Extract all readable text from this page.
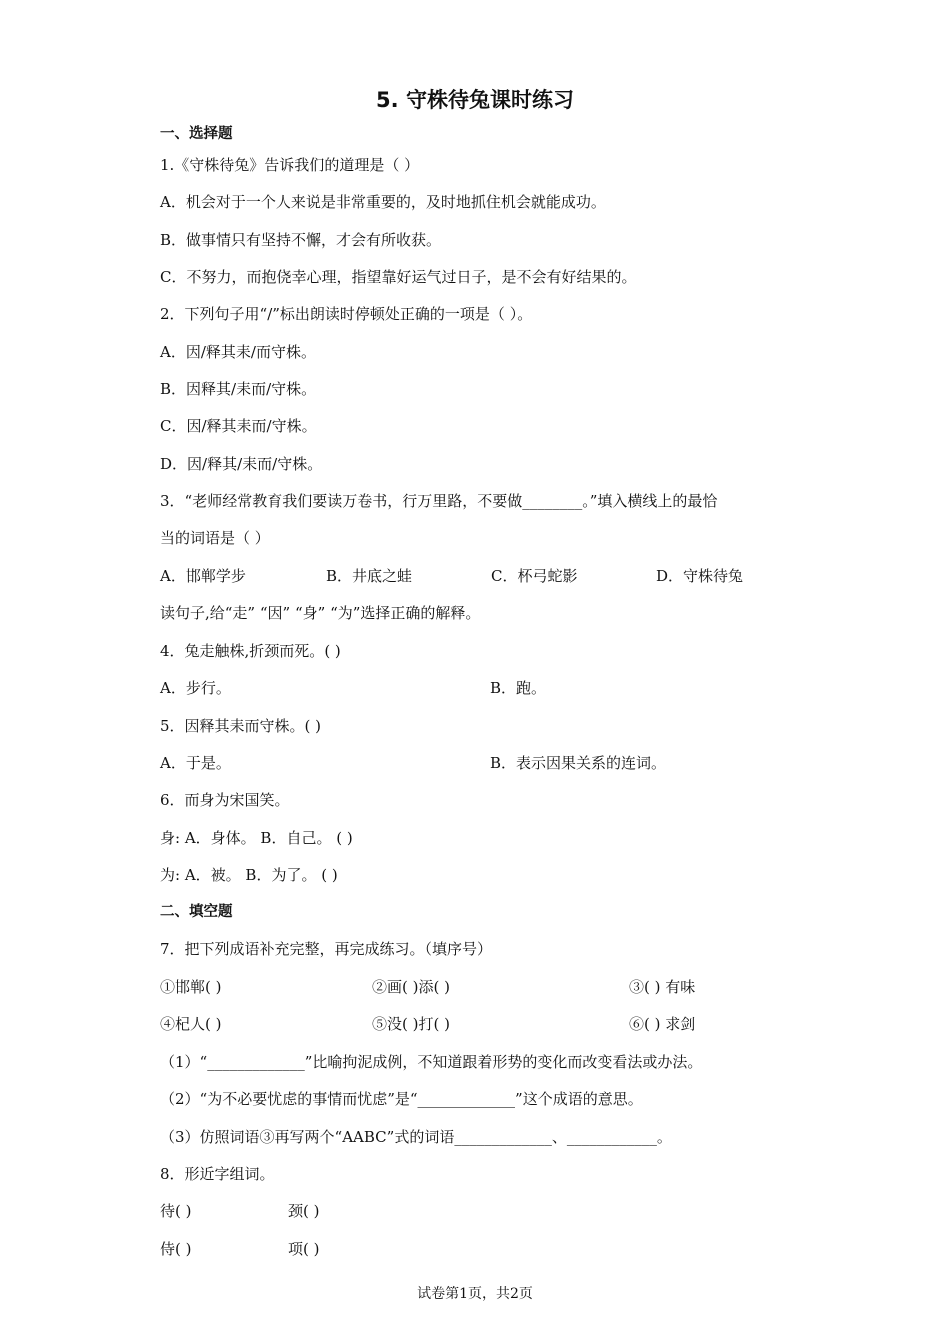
5. 守株待兔课时练习
一、选择题
1.《守株待兔》告诉我们的道理是（ ）
A．机会对于一个人来说是非常重要的，及时地抓住机会就能成功。
B．做事情只有坚持不懈，才会有所收获。
C．不努力，而抱侥幸心理，指望靠好运气过日子，是不会有好结果的。
2．下列句子用“/”标出朗读时停顿处正确的一项是（ ）。
A．因/释其耒/而守株。
B．因释其/耒而/守株。
C．因/释其耒而/守株。
D．因/释其/耒而/守株。
3．“老师经常教育我们要读万卷书，行万里路，不要做________。”填入横线上的最恰
当的词语是（ ）
A．邯郸学步	B．井底之蛙	C．杯弓蛇影	D．守株待兔
读句子,给“走” “因” “身” “为”选择正确的解释。
4．兔走触株,折颈而死。( )
A．步行。	B．跑。
5．因释其耒而守株。( )
A．于是。	B．表示因果关系的连词。
6．而身为宋国笑。
身: A．身体。 B．自己。 ( )
为: A．被。 B．为了。 ( )
二、填空题
7．把下列成语补充完整，再完成练习。（填序号）
①邯郸( )	②画( )添( )	③( ) 有味
④杞人( )	⑤没( )打( )	⑥( ) 求剑
（1）“_____________”比喻拘泥成例，不知道跟着形势的变化而改变看法或办法。
（2）“为不必要忧虑的事情而忧虑”是“_____________”这个成语的意思。
（3）仿照词语③再写两个“AABC”式的词语_____________、____________。
8．形近字组词。
待( )	颈( )
侍( )	项( )
试卷第1页，共2页
